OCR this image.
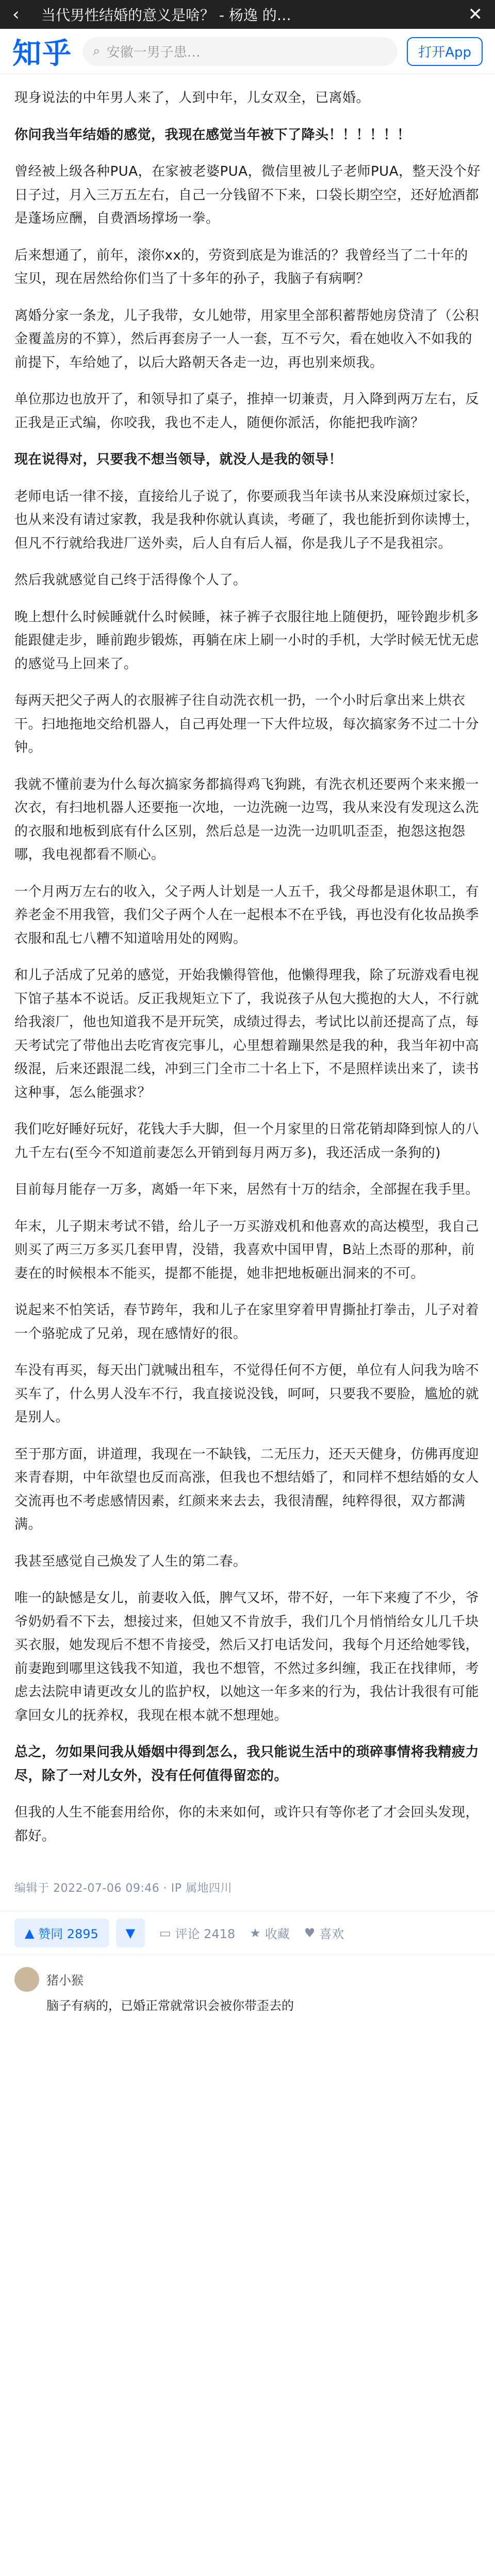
‹	当代男性结婚的意义是啥？ - 杨逸 的…	✕
知乎 ⌕ 安徽一男子患…	打开App

现身说法的中年男人来了，人到中年，儿女双全，已离婚。

你问我当年结婚的感觉，我现在感觉当年被下了降头！！！！！！

曾经被上级各种PUA，在家被老婆PUA，微信里被儿子老师PUA，整天没个好日子过，月入三万五左右，自己一分钱留不下来，口袋长期空空，还好尬酒都是蓬场应酬，自费酒场撑场一拳。

后来想通了，前年，滚你xx的，劳资到底是为谁活的？我曾经当了二十年的宝贝，现在居然给你们当了十多年的孙子，我脑子有病啊？

离婚分家一条龙，儿子我带，女儿她带，用家里全部积蓄帮她房贷清了（公积金覆盖房的不算），然后再套房子一人一套，互不亏欠，看在她收入不如我的前提下，车给她了，以后大路朝天各走一边，再也别来烦我。

单位那边也放开了，和领导扣了桌子，推掉一切兼责，月入降到两万左右，反正我是正式编，你咬我，我也不走人，随便你派活，你能把我咋滴？

现在说得对，只要我不想当领导，就没人是我的领导！

老师电话一律不接，直接给儿子说了，你要顽我当年读书从来没麻烦过家长，也从来没有请过家教，我是我种你就认真读，考砸了，我也能折到你读博士，但凡不行就给我进厂送外卖，后人自有后人福，你是我儿子不是我祖宗。

然后我就感觉自己终于活得像个人了。

晚上想什么时候睡就什么时候睡，袜子裤子衣服往地上随便扔，哑铃跑步机多能跟健走步，睡前跑步锻炼，再躺在床上刷一小时的手机，大学时候无忧无虑的感觉马上回来了。

每两天把父子两人的衣服裤子往自动洗衣机一扔，一个小时后拿出来上烘衣干。扫地拖地交给机器人，自己再处理一下大件垃圾，每次搞家务不过二十分钟。

我就不懂前妻为什么每次搞家务都搞得鸡飞狗跳，有洗衣机还要两个来来搬一次衣，有扫地机器人还要拖一次地，一边洗碗一边骂，我从来没有发现这么洗的衣服和地板到底有什么区别，然后总是一边洗一边叽叽歪歪，抱怨这抱怨哪，我电视都看不顺心。

一个月两万左右的收入，父子两人计划是一人五千，我父母都是退休职工，有养老金不用我管，我们父子两个人在一起根本不在乎钱，再也没有化妆品换季衣服和乱七八糟不知道啥用处的网购。

和儿子活成了兄弟的感觉，开始我懒得管他，他懒得理我，除了玩游戏看电视下馆子基本不说话。反正我规矩立下了，我说孩子从包大揽抱的大人，不行就给我滚厂，他也知道我不是开玩笑，成绩过得去，考试比以前还提高了点，每天考试完了带他出去吃宵夜完事儿，心里想着蹦果然是我的种，我当年初中高级混，后来还跟混二线，冲到三门全市二十名上下，不是照样读出来了，读书这种事，怎么能强求？

我们吃好睡好玩好，花钱大手大脚，但一个月家里的日常花销却降到惊人的八九千左右(至今不知道前妻怎么开销到每月两万多)，我还活成一条狗的)

目前每月能存一万多，离婚一年下来，居然有十万的结余，全部握在我手里。

年末，儿子期末考试不错，给儿子一万买游戏机和他喜欢的高达模型，我自己则买了两三万多买几套甲胄，没错，我喜欢中国甲胄，B站上杰哥的那种，前妻在的时候根本不能买，提都不能提，她非把地板砸出洞来的不可。

说起来不怕笑话，春节跨年，我和儿子在家里穿着甲胄撕扯打拳击，儿子对着一个骆驼成了兄弟，现在感情好的很。

车没有再买，每天出门就喊出租车，不觉得任何不方便，单位有人问我为啥不买车了，什么男人没车不行，我直接说没钱，呵呵，只要我不要脸，尴尬的就是别人。

至于那方面，讲道理，我现在一不缺钱，二无压力，还天天健身，仿佛再度迎来青春期，中年欲望也反而高涨，但我也不想结婚了，和同样不想结婚的女人交流再也不考虑感情因素，红颜来来去去，我很清醒，纯粹得很，双方都满满。

我甚至感觉自己焕发了人生的第二春。

唯一的缺憾是女儿，前妻收入低，脾气又坏，带不好，一年下来瘦了不少，爷爷奶奶看不下去，想接过来，但她又不肯放手，我们几个月悄悄给女儿几千块买衣服，她发现后不想不肯接受，然后又打电话发问，我每个月还给她零钱，前妻跑到哪里这钱我不知道，我也不想管，不然过多纠缠，我正在找律师，考虑去法院申请更改女儿的监护权，以她这一年多来的行为，我估计我很有可能拿回女儿的抚养权，我现在根本就不想理她。

总之，勿如果问我从婚姻中得到怎么，我只能说生活中的琐碎事情将我精疲力尽，除了一对儿女外，没有任何值得留恋的。

但我的人生不能套用给你，你的未来如何，或许只有等你老了才会回头发现，都好。

编辑于 2022-07-06 09:46 · IP 属地四川
▲ 赞同 2895 ▼ ▭ 评论 2418 ★ 收藏 ♥ 喜欢
猪小猴
脑子有病的，已婚正常就常识会被你带歪去的
